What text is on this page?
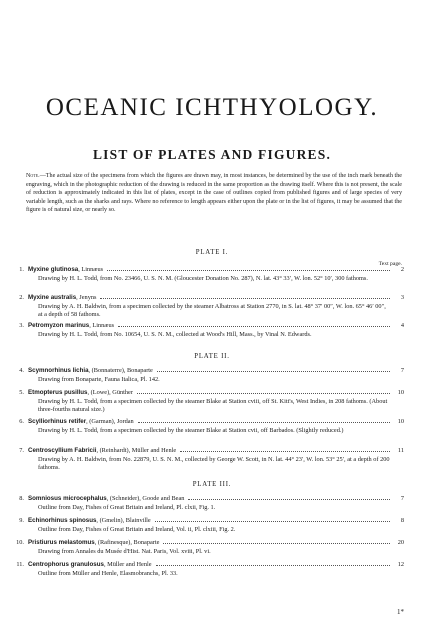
OCEANIC ICHTHYOLOGY.
LIST OF PLATES AND FIGURES.

Note.—The actual size of the specimens from which the figures are drawn may, in most instances, be determined by the use of the inch mark beneath the engraving, which in the photographic reduction of the drawing is reduced in the same proportion as the drawing itself. Where this is not present, the scale of reduction is approximately indicated in this list of plates, except in the case of outlines copied from published figures and of large species of very variable length, such as the sharks and rays. Where no reference to length appears either upon the plate or in the list of figures, it may be assumed that the figure is of natural size, or nearly so.

PLATE I.

Text page.

1. Myxine glutinosa , Linnæus	2
Drawing by H. L. Todd, from No. 23466, U. S. N. M. (Gloucester Donation No. 287), N. lat. 43° 33′, W. lon. 52° 10′, 300 fathoms.
2. Myxine australis , Jenyns	3
Drawing by A. H. Baldwin, from a specimen collected by the steamer Albatross at Station 2770, in S. lat. 48° 37′ 00″, W. lon. 65° 46′ 00″, at a depth of 58 fathoms.
3. Petromyzon marinus , Linnæus	4
Drawing by H. L. Todd, from No. 10654, U. S. N. M., collected at Wood's Hill, Mass., by Vinal N. Edwards.

PLATE II.

4. Scymnorhinus lichia , (Bonnaterre), Bonaparte	7
Drawing from Bonaparte, Fauna Italica, Pl. 142.
5. Etmopterus pusillus , (Lowe), Günther	10
Drawing by H. L. Todd, from a specimen collected by the steamer Blake at Station cviii, off St. Kitt's, West Indies, in 208 fathoms. (About three-fourths natural size.)
6. Scylliorhinus retifer , (Garman), Jordan	10
Drawing by H. L. Todd, from a specimen collected by the steamer Blake at Station cvii, off Barbados. (Slightly reduced.)
7. Centroscyllium Fabricii , (Reinhardt), Müller and Henle	11
Drawing by A. H. Baldwin, from No. 22879, U. S. N. M., collected by George W. Scott, in N. lat. 44° 23′, W. lon. 53° 25′, at a depth of 200 fathoms.

PLATE III.

8. Somniosus microcephalus , (Schneider), Goode and Bean	7
Outline from Day, Fishes of Great Britain and Ireland, Pl. clxii, Fig. 1.
9. Echinorhinus spinosus , (Gmelin), Blainville	8
Outline from Day, Fishes of Great Britain and Ireland, Vol. ii, Pl. clxiii, Fig. 2.
10. Pristiurus melastomus , (Rafinesque), Bonaparte	20
Drawing from Annales du Musée d'Hist. Nat. Paris, Vol. xviii, Pl. vi.
11. Centrophorus granulosus , Müller and Henle	12
Outline from Müller and Henle, Elasmobranchs, Pl. 33.

1*
